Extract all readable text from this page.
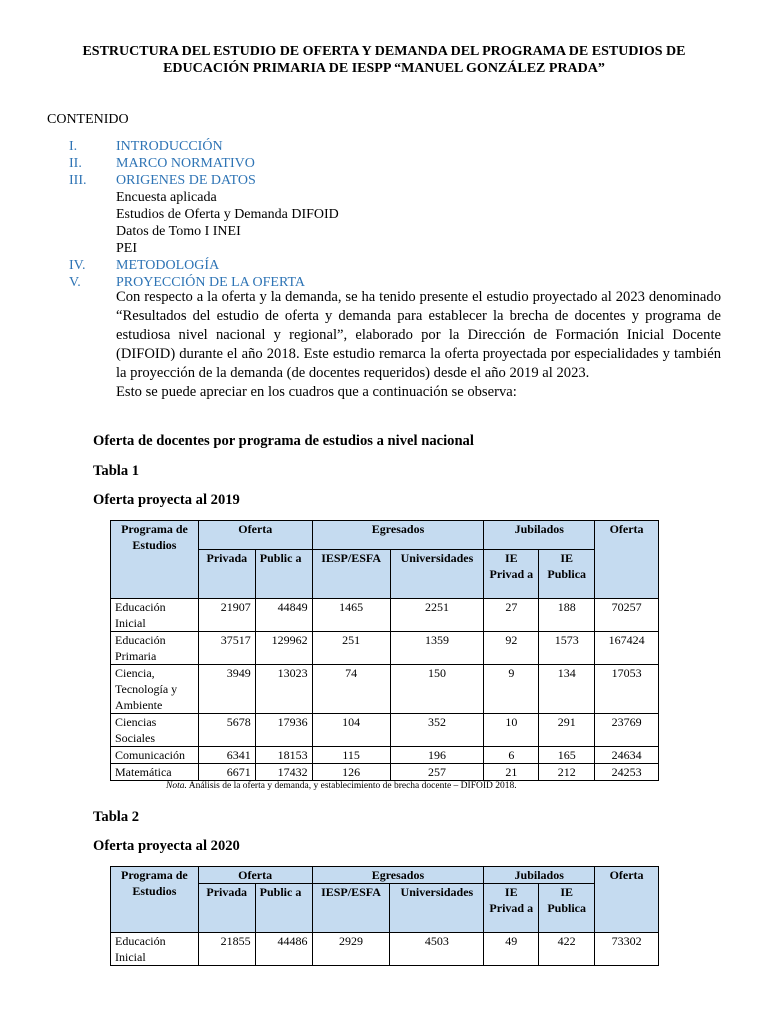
ESTRUCTURA DEL ESTUDIO DE OFERTA Y DEMANDA DEL PROGRAMA DE ESTUDIOS DE EDUCACIÓN PRIMARIA DE IESPP “MANUEL GONZÁLEZ PRADA”
CONTENIDO
I.	INTRODUCCIÓN
II. MARCO NORMATIVO
III. ORIGENES DE DATOS
Encuesta aplicada
Estudios de Oferta y Demanda DIFOID
Datos de Tomo I INEI
PEI
IV. METODOLOGÍA
V.	PROYECCIÓN DE LA OFERTA

Con respecto a la oferta y la demanda, se ha tenido presente el estudio proyectado al 2023 denominado “Resultados del estudio de oferta y demanda para establecer la brecha de docentes y programa de estudiosa nivel nacional y regional”, elaborado por la Dirección de Formación Inicial Docente (DIFOID) durante el año 2018. Este estudio remarca la oferta proyectada por especialidades y también la proyección de la demanda (de docentes requeridos) desde el año 2019 al 2023.

Esto se puede apreciar en los cuadros que a continuación se observa:

Oferta de docentes por programa de estudios a nivel nacional
Tabla 1
Oferta proyecta al 2019
Programa de Estudios	Oferta		Egresados		Jubilados		Oferta
	Privada	Public a	IESP/ESFA	Universidades	IE Privad a	IE Publica	
Educación Inicial	21907	44849	1465	2251	27	188	70257
Educación Primaria	37517	129962	251	1359	92	1573	167424
Ciencia, Tecnología y Ambiente	3949	13023	74	150	9	134	17053
Ciencias Sociales	5678	17936	104	352	10	291	23769
Comunicación	6341	18153	115	196	6	165	24634
Matemática	6671	17432	126	257	21	212	24253
Nota. Análisis de la oferta y demanda, y establecimiento de brecha docente – DIFOID 2018.
Tabla 2
Oferta proyecta al 2020
Programa de Estudios	Oferta		Egresados		Jubilados		Oferta
	Privada	Public a	IESP/ESFA	Universidades	IE Privad a	IE Publica	
Educación Inicial	21855	44486	2929	4503	49	422	73302
